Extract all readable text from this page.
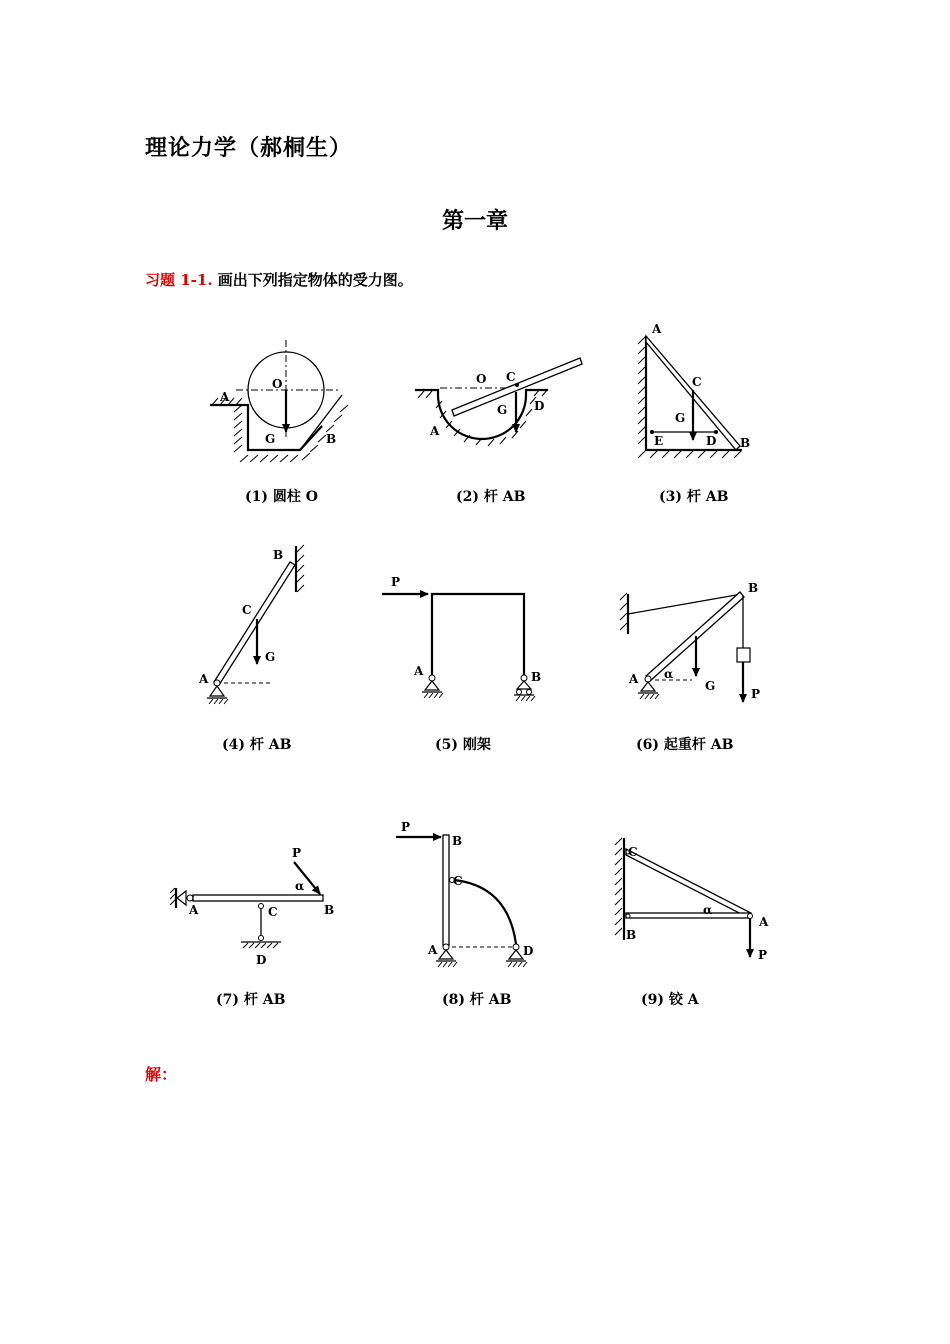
理论力学（郝桐生）
第一章
习题 1-1. 画出下列指定物体的受力图。
解：
A
O
G	B
(1) 圆柱 O
O C
D
G
A
(2) 杆 AB
A
C
G
E	D B
(3) 杆 AB
B
C
G
A
(4) 杆 AB
P
A	B
(5) 刚架
B
A α
G
P
(6) 起重杆 AB
P
α
A	C	B
D
(7) 杆 AB
P
B
C
A	D
(8) 杆 AB
C
α
A
B
P
(9) 铰 A
